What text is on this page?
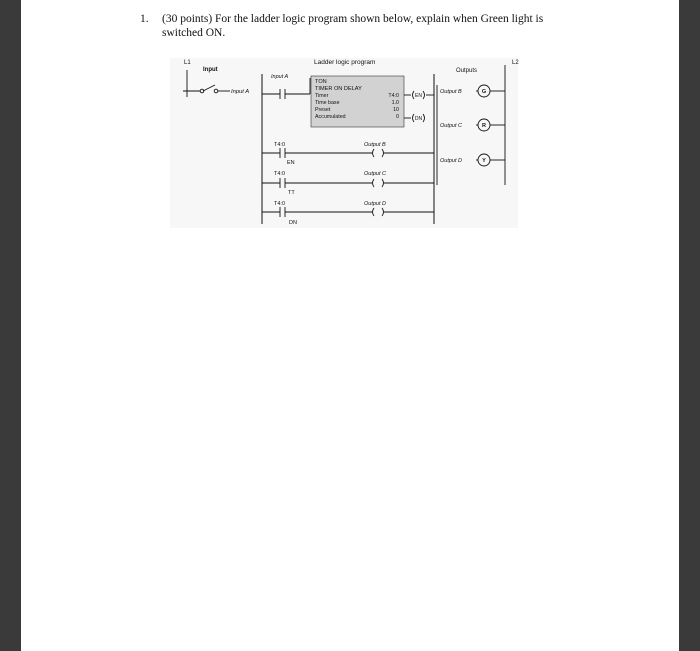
1. (30 points) For the ladder logic program shown below, explain when Green light is
switched ON.
L1	L2
Ladder logic program
Input	Outputs
Input A
Input A
TON
TIMER ON DELAY
Timer	T4:0
Time base	1.0
Preset	10
Accumulated	0
EN
DN
T4:0
EN
Output B
T4:0
TT
Output C
T4:0
DN
Output D
Output B	G
Output C	R
Output D	Y
